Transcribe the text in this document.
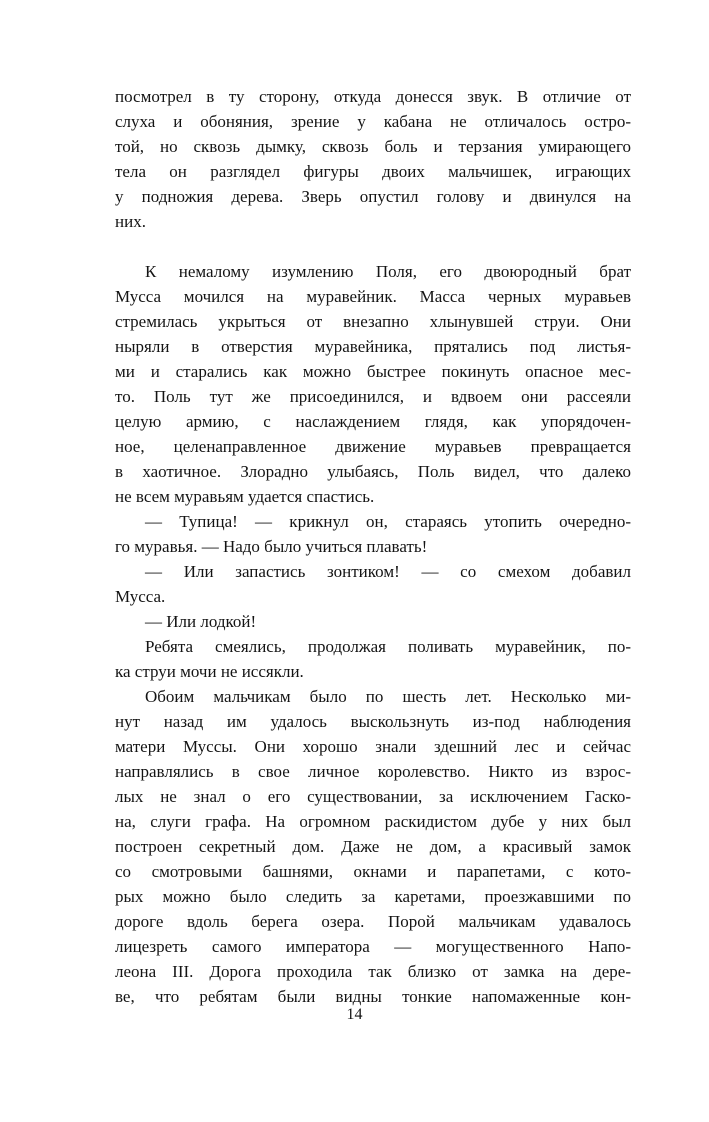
посмотрел в ту сторону, откуда донесся звук. В отличие от
слуха и обоняния, зрение у кабана не отличалось остро-
той, но сквозь дымку, сквозь боль и терзания умирающего
тела он разглядел фигуры двоих мальчишек, играющих
у подножия дерева. Зверь опустил голову и двинулся на
них.
К немалому изумлению Поля, его двоюродный брат
Мусса мочился на муравейник. Масса черных муравьев
стремилась укрыться от внезапно хлынувшей струи. Они
ныряли в отверстия муравейника, прятались под листья-
ми и старались как можно быстрее покинуть опасное мес-
то. Поль тут же присоединился, и вдвоем они рассеяли
целую армию, с наслаждением глядя, как упорядочен-
ное, целенаправленное движение муравьев превращается
в хаотичное. Злорадно улыбаясь, Поль видел, что далеко
не всем муравьям удается спастись.
— Тупица! — крикнул он, стараясь утопить очередно-
го муравья. — Надо было учиться плавать!
— Или запастись зонтиком! — со смехом добавил
Мусса.
— Или лодкой!
Ребята смеялись, продолжая поливать муравейник, по-
ка струи мочи не иссякли.
Обоим мальчикам было по шесть лет. Несколько ми-
нут назад им удалось выскользнуть из-под наблюдения
матери Муссы. Они хорошо знали здешний лес и сейчас
направлялись в свое личное королевство. Никто из взрос-
лых не знал о его существовании, за исключением Гаско-
на, слуги графа. На огромном раскидистом дубе у них был
построен секретный дом. Даже не дом, а красивый замок
со смотровыми башнями, окнами и парапетами, с кото-
рых можно было следить за каретами, проезжавшими по
дороге вдоль берега озера. Порой мальчикам удавалось
лицезреть самого императора — могущественного Напо-
леона III. Дорога проходила так близко от замка на дере-
ве, что ребятам были видны тонкие напомаженные кон-
14
